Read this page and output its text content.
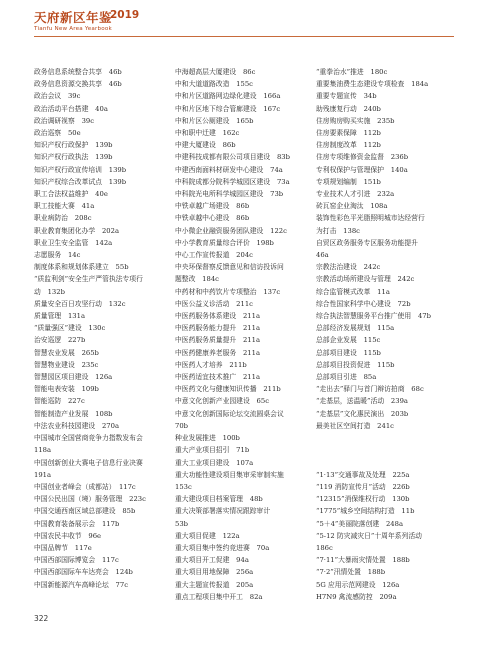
天府新区年鉴
2019
Tianfu New Area Yearbook
政务信息系统整合共享　46b
政务信息资源交换共享　46b
政治会议　39c
政治活动平台搭建　40a
政治调研视察　39c
政治巡察　50e
知识产权行政保护　139b
知识产权行政执法　139b
知识产权行政宣传培训　139b
知识产权综合改革试点　139b
职工合法权益维护　40e
职工技能大赛　41a
职业病防治　208c
职业教育集团化办学　202a
职业卫生安全监管　142a
志愿服务　14c
制度体系和规划体系建立　55b
“质监利剑”安全生产严管执法专项行
动　132b
质量安全百日攻坚行动　132c
质量管理　131a
“质量强区”建设　130c
治安巡逻　227b
智慧农业发展　265b
智慧物业建设　235c
智慧园区项目建设　126a
智能电表安装　109b
智能巡防　227c
智能制造产业发展　108b
中法农业科技园建设　270a
中国城市全国营商竞争力指数发布会
118a
中国创新创业大赛电子信息行业决赛
191a
中国创业者峰会（成都站）　117c
中国公民出国（境）服务管理　223c
中国交通西南区域总部建设　85b
中国教育装备展示会　117b
中国农民丰收节　96e
中国品牌节　117e
中国西部国际博览会　117c
中国西部国际车车达亮会　124b
中国新能源汽车高峰论坛　77c
中海超高层大厦建设　86c
中和大道道路改造　155c
中和片区道路网边绿化建设　166a
中和片区地下综合管廊建设　167c
中和片区公厕建设　165b
中和职中迁建　162c
中建大厦建设　86b
中建科技成都有限公司项目建设　83b
中建西南面料材研发中心建设　74a
中科院成都分院科学城园区建设　73a
中科院光电所科学城园区建设　73b
中铁卓越广场建设　86b
中铁卓越中心建设　86b
中小微企业融资服务团队建设　122c
中小学教育质量综合评价　198b
中心工作宣传报道　204c
中央环保督察反馈意见和信访投诉问
题整改　184c
中药材和中药饮片专项整治　137c
中医公益义诊活动　211c
中医药服务体系建设　211a
中医药服务能力提升　211a
中医药服务质量提升　211a
中医药健康养老服务　211a
中医药人才培养　211b
中医药适宜技术推广　211a
中医药文化与健康知识传播　211b
中意文化创新产业园建设　65c
中意文化创新国际论坛交流圆桌会议
70b
种业发展推进　100b
重大产业项目招引　71b
重大工业项目建设　107a
重大功能性建设项目集审采审制实施
153c
重大建设项目档案管理　48b
重大决策部署落实情况跟踪审计
53b
重大项目促建　122a
重大项目集中签约竞进赛　70a
重大项目开工促建　94a
重大项目用地保障　256a
重大主题宣传报道　205a
重点工程项目集中开工　82a
“重拳治水”推进　180c
重要集油费生态建设专项检查　184a
重要专题宣传　34b
助残康复行动　240b
住房购房购买实施　235b
住房要素保障　112b
住房制度改革　112b
住房专项维修资金监督　236b
专利权保护与管理保护　140a
专项规划编制　151b
专业技术人才引进　232a
砖瓦窑企业淘汰　108a
装饰性彩色平光脂照明城市达经营行
为打击　138c
自贸区政务服务专区服务功能提升
46a
宗教法治建设　242c
宗教活动场所建设与管理　242c
综合监管模式改革　11a
综合性国家科学中心建设　72b
综合执法智慧服务平台推广使用　47b
总部经济发展规划　115a
总部企业发展　115c
总部项目建设　115b
总部项目投资促进　115b
总部项目引进　85a
“走出去”驿门与首门辩访拍商　68c
“走基层，送温暖”活动　239a
“走基层”文化惠民演出　203b
最美社区空间打造　241c

“1·13”交通事故及处理　225a
“119 消防宣传月”活动　226b
“12315”消保维权行动　130b
“1775”城乡空间结构打造　11b
“5＋4”美丽院落创建　248a
“5-12 防灾减灾日”十周年系列活动
186c
“7·11”大暴雨灾情处置　188b
“7·2”汛情处置　188b
5G 应用示范网建设　126a
H7N9 禽流感防控　209a
322
